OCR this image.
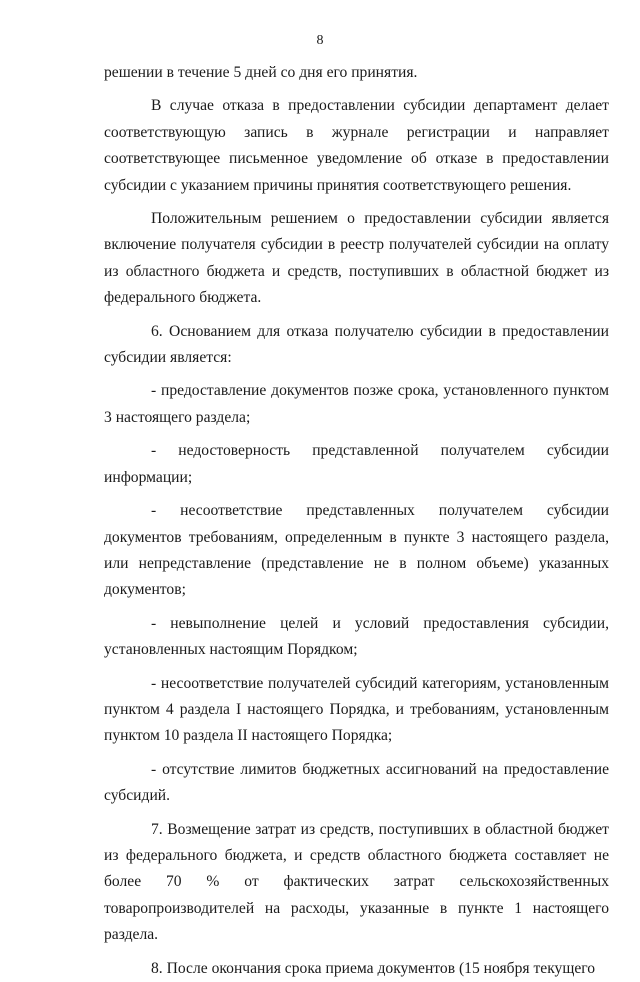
8

решении в течение 5 дней со дня его принятия.

В случае отказа в предоставлении субсидии департамент делает соответствующую запись в журнале регистрации и направляет соответствующее письменное уведомление об отказе в предоставлении субсидии с указанием причины принятия соответствующего решения.

Положительным решением о предоставлении субсидии является включение получателя субсидии в реестр получателей субсидии на оплату из областного бюджета и средств, поступивших в областной бюджет из федерального бюджета.

6. Основанием для отказа получателю субсидии в предоставлении субсидии является:

- предоставление документов позже срока, установленного пунктом 3 настоящего раздела;

- недостоверность представленной получателем субсидии информации;

- несоответствие представленных получателем субсидии документов требованиям, определенным в пункте 3 настоящего раздела, или непредставление (представление не в полном объеме) указанных документов;

- невыполнение целей и условий предоставления субсидии, установленных настоящим Порядком;

- несоответствие получателей субсидий категориям, установленным пунктом 4 раздела I настоящего Порядка, и требованиям, установленным пунктом 10 раздела II настоящего Порядка;

- отсутствие лимитов бюджетных ассигнований на предоставление субсидий.

7. Возмещение затрат из средств, поступивших в областной бюджет из федерального бюджета, и средств областного бюджета составляет не более 70 % от фактических затрат сельскохозяйственных товаропроизводителей на расходы, указанные в пункте 1 настоящего раздела.

8. После окончания срока приема документов (15 ноября текущего
